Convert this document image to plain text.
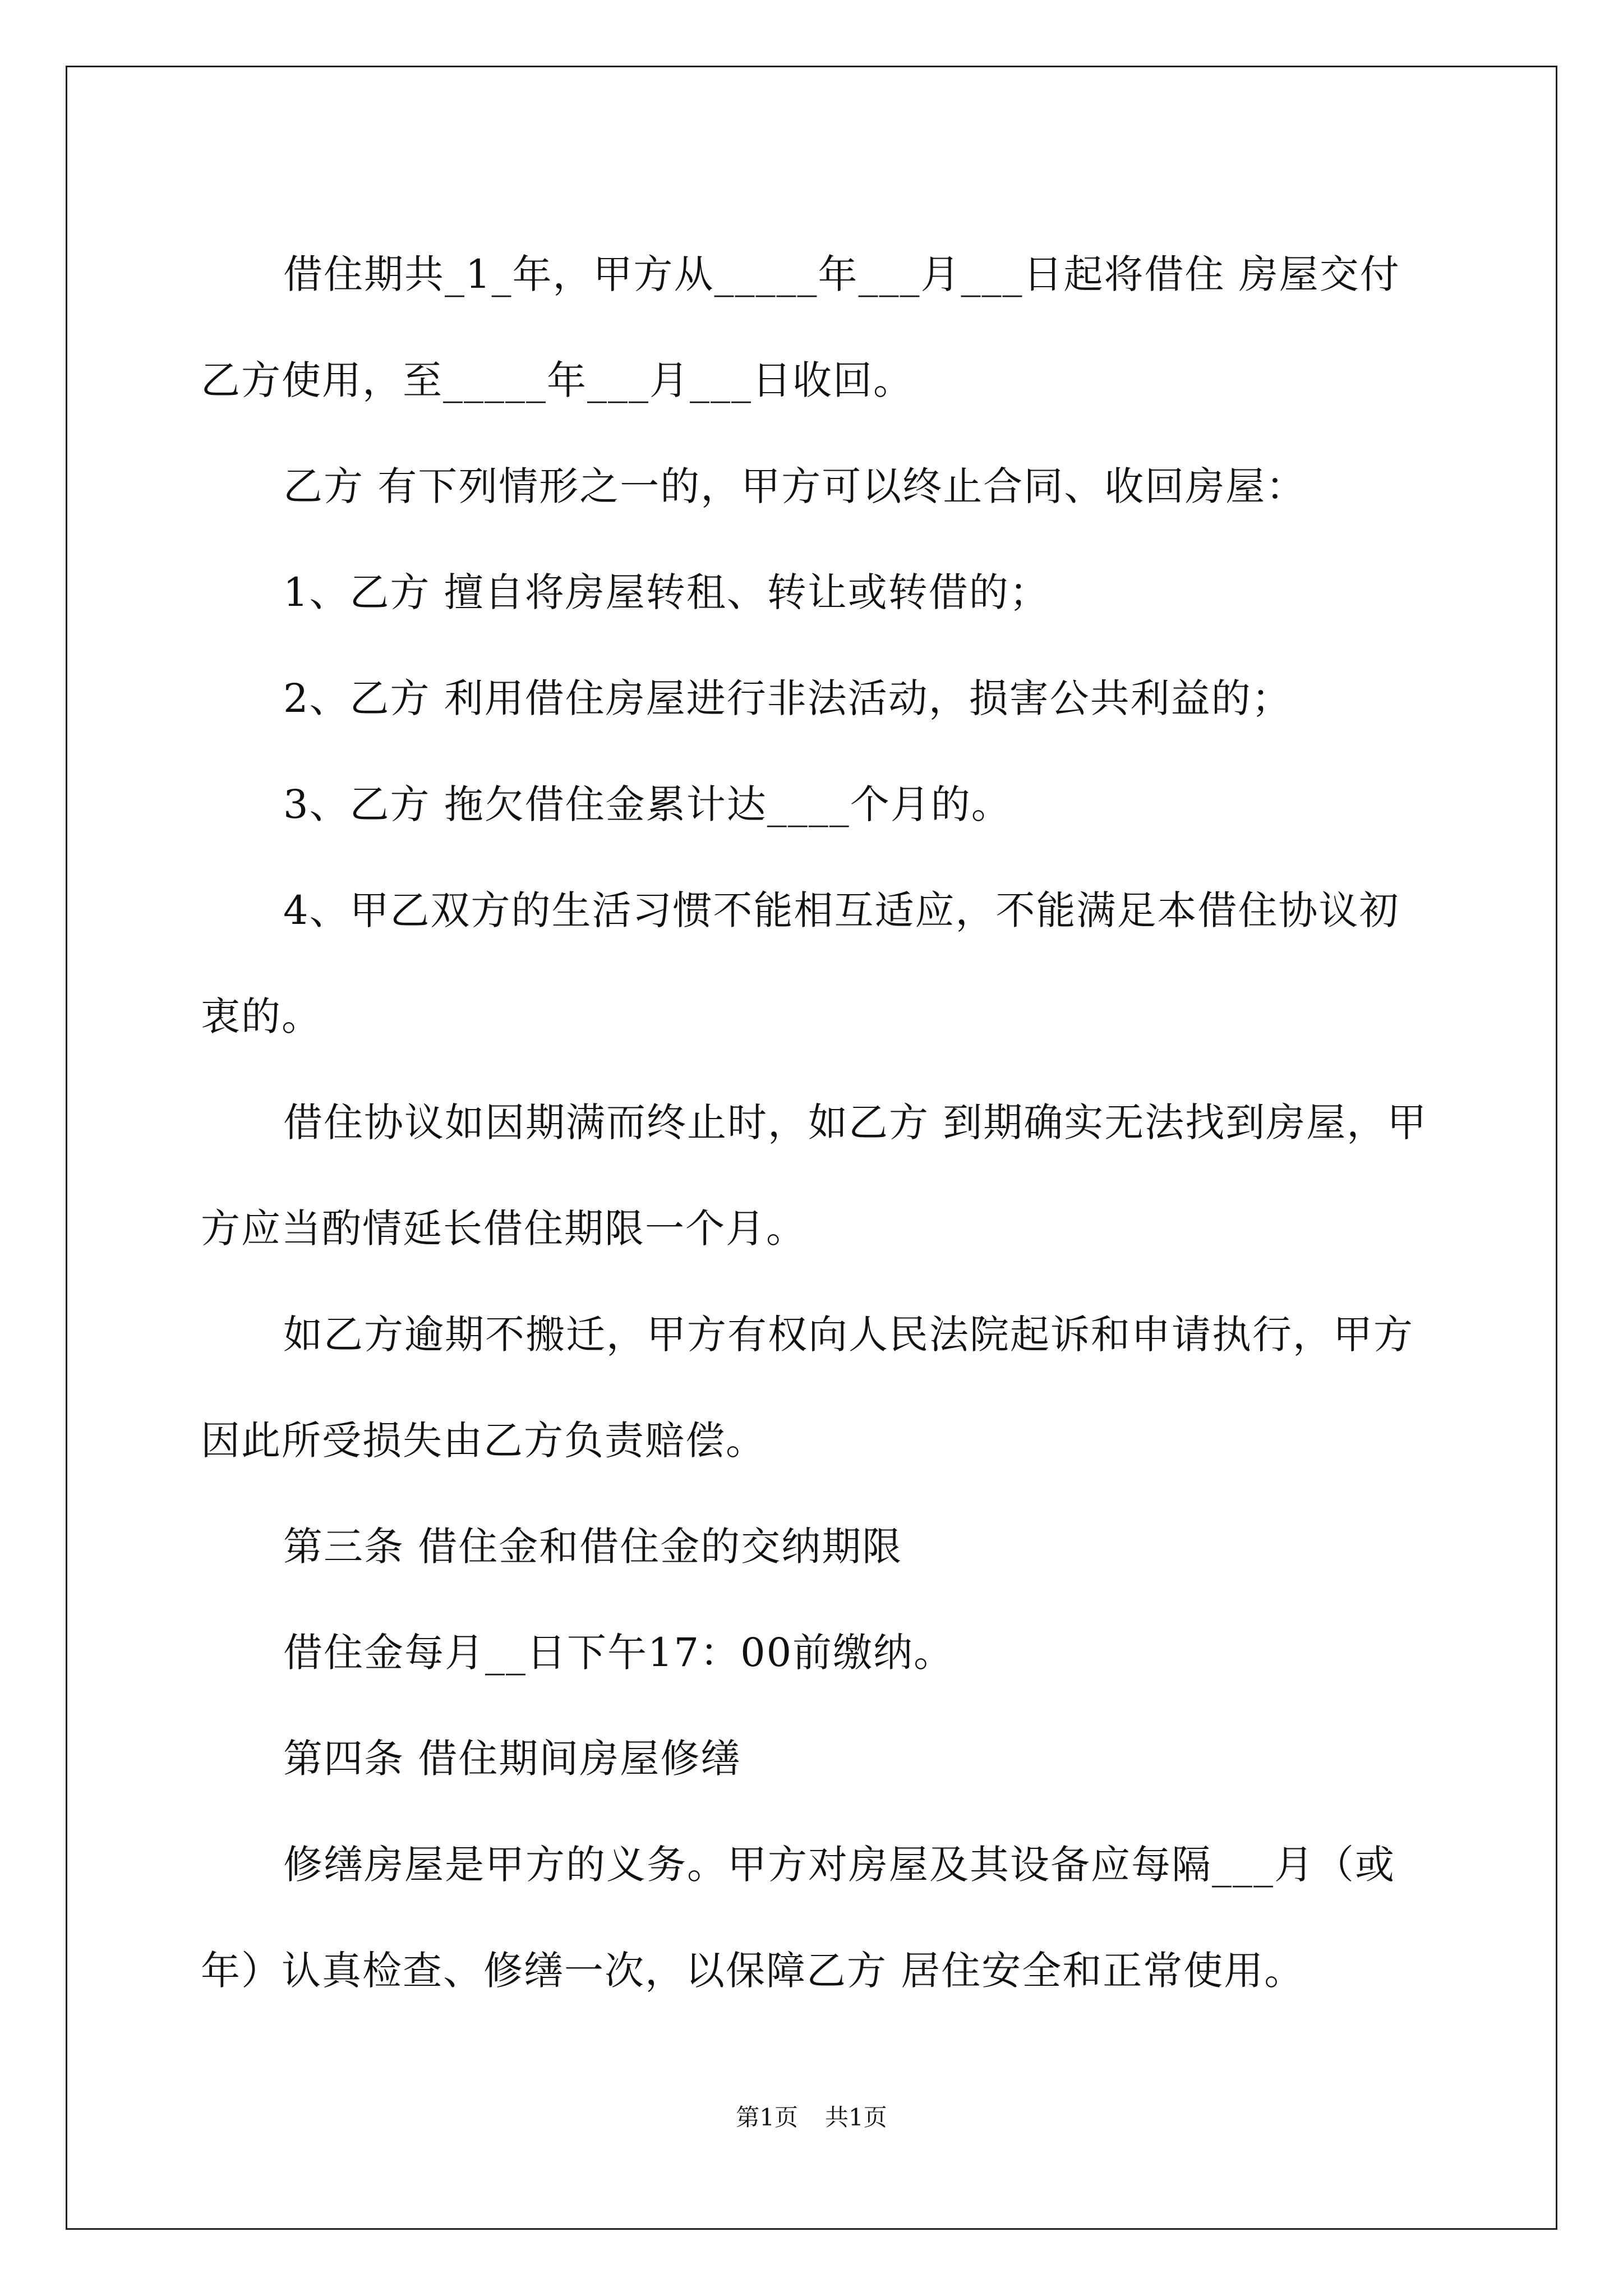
借住期共_1_年，甲方从_____年___月___日起将借住 房屋交付乙方使用，至_____年___月___日收回。

乙方 有下列情形之一的，甲方可以终止合同、收回房屋：

1、乙方 擅自将房屋转租、转让或转借的；

2、乙方 利用借住房屋进行非法活动，损害公共利益的；

3、乙方 拖欠借住金累计达____个月的。

4、甲乙双方的生活习惯不能相互适应，不能满足本借住协议初衷的。

借住协议如因期满而终止时，如乙方 到期确实无法找到房屋，甲方应当酌情延长借住期限一个月。

如乙方逾期不搬迁，甲方有权向人民法院起诉和申请执行，甲方因此所受损失由乙方负责赔偿。

第三条 借住金和借住金的交纳期限

借住金每月__日下午17：00前缴纳。

第四条 借住期间房屋修缮

修缮房屋是甲方的义务。甲方对房屋及其设备应每隔___月（或年）认真检查、修缮一次，以保障乙方 居住安全和正常使用。

第1页 共1页
